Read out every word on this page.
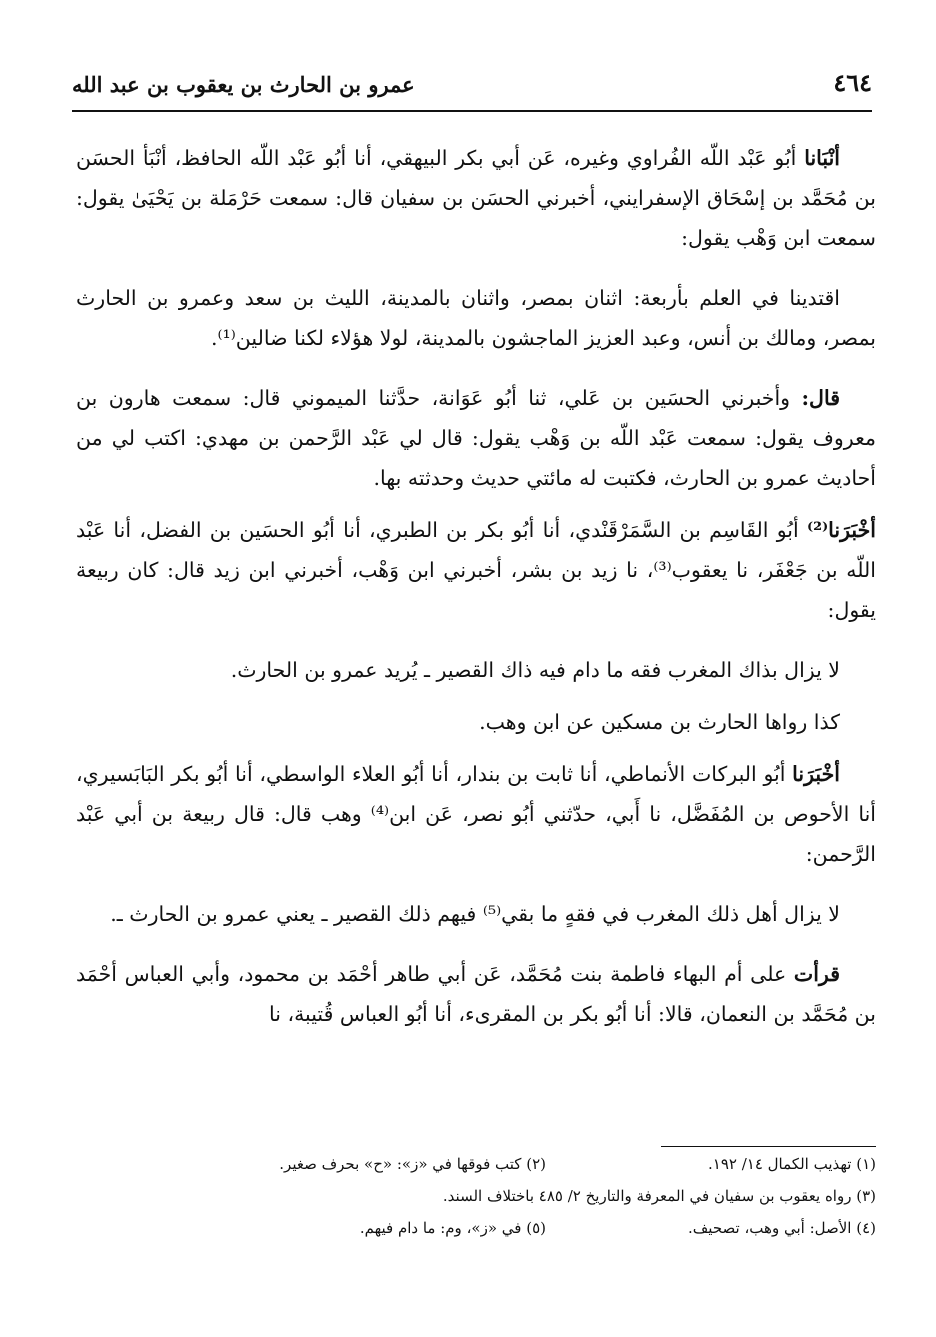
٤٦٤
عمرو بن الحارث بن يعقوب بن عبد الله

أنْبَانا أبُو عَبْد اللّه الفُراوي وغيره، عَن أبي بكر البيهقي، أنا أبُو عَبْد اللّه الحافظ، أنْبَأ الحسَن بن مُحَمَّد بن إسْحَاق الإسفرايني، أخبرني الحسَن بن سفيان قال: سمعت حَرْمَلة بن يَحْيَىٰ يقول: سمعت ابن وَهْب يقول:

اقتدينا في العلم بأربعة: اثنان بمصر، واثنان بالمدينة، الليث بن سعد وعمرو بن الحارث بمصر، ومالك بن أنس، وعبد العزيز الماجشون بالمدينة، لولا هؤلاء لكنا ضالين⁽¹⁾.

قال: وأخبرني الحسَين بن عَلي، ثنا أبُو عَوَانة، حدَّثنا الميموني قال: سمعت هارون بن معروف يقول: سمعت عَبْد اللّه بن وَهْب يقول: قال لي عَبْد الرَّحمن بن مهدي: اكتب لي من أحاديث عمرو بن الحارث، فكتبت له مائتي حديث وحدثته بها.

أخْبَرَنا⁽²⁾ أبُو القَاسِم بن السَّمَرْقَنْدي، أنا أبُو بكر بن الطبري، أنا أبُو الحسَين بن الفضل، أنا عَبْد اللّه بن جَعْفَر، نا يعقوب⁽³⁾، نا زيد بن بشر، أخبرني ابن وَهْب، أخبرني ابن زيد قال: كان ربيعة يقول:

لا يزال بذاك المغرب فقه ما دام فيه ذاك القصير ـ يُريد عمرو بن الحارث.

كذا رواها الحارث بن مسكين عن ابن وهب.

أخْبَرَنا أبُو البركات الأنماطي، أنا ثابت بن بندار، أنا أبُو العلاء الواسطي، أنا أبُو بكر البَابَسيري، أنا الأحوص بن المُفَضَّل، نا أَبي، حدّثني أبُو نصر، عَن ابن⁽⁴⁾ وهب قال: قال ربيعة بن أبي عَبْد الرَّحمن:

لا يزال أهل ذلك المغرب في فقهٍ ما بقي⁽⁵⁾ فيهم ذلك القصير ـ يعني عمرو بن الحارث ـ.

قرأت على أم البهاء فاطمة بنت مُحَمَّد، عَن أبي طاهر أحْمَد بن محمود، وأبي العباس أحْمَد بن مُحَمَّد بن النعمان، قالا: أنا أبُو بكر بن المقرىء، أنا أبُو العباس قُتيبة، نا

(١) تهذيب الكمال ١٤/ ١٩٢.
(٢) كتب فوقها في «ز»: «ح» بحرف صغير.
(٣) رواه يعقوب بن سفيان في المعرفة والتاريخ ٢/ ٤٨٥ باختلاف السند.
(٤) الأصل: أبي وهب، تصحيف.
(٥) في «ز»، وم: ما دام فيهم.
